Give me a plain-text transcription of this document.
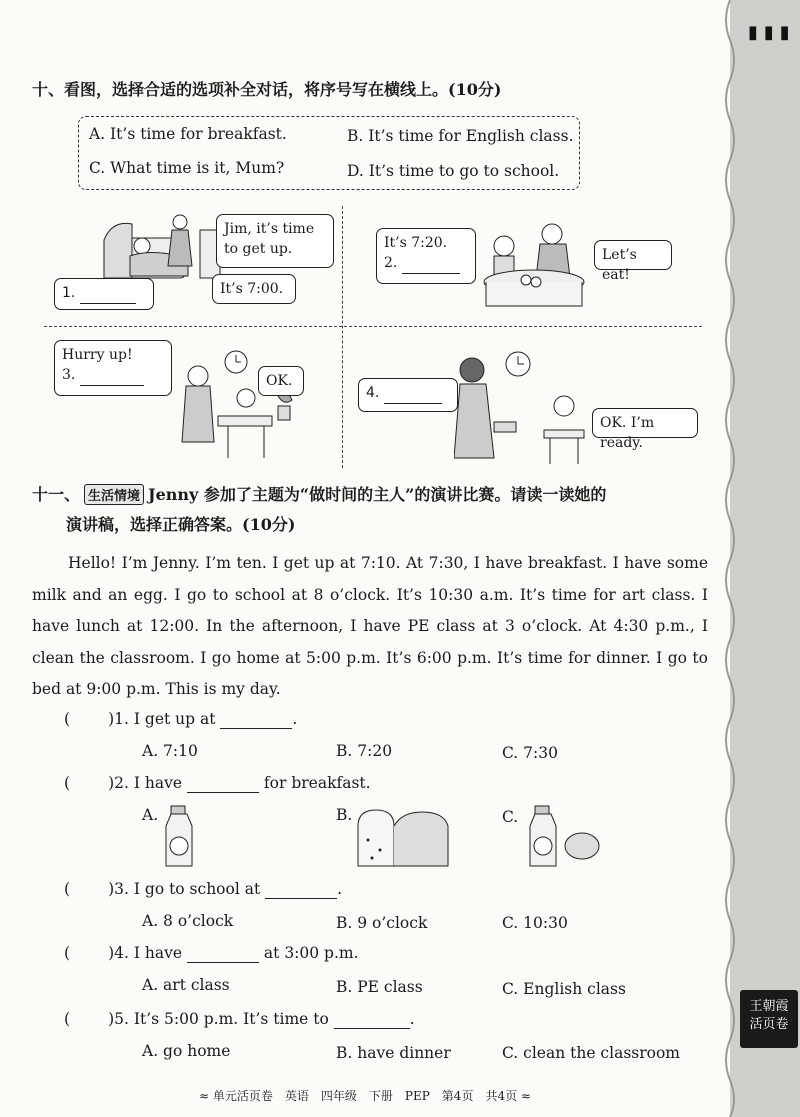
十、看图，选择合适的选项补全对话，将序号写在横线上。(10分)
A. It’s time for breakfast.	B. It’s time for English class.
C. What time is it, Mum?	D. It’s time to go to school.
Jim, it’s time to get up.
1.	It’s 7:00.
It’s 7:20.
2.	Let’s eat!
Hurry up!
3.	OK.
4.
OK. I’m ready.
十一、 生活情境 Jenny 参加了主题为“做时间的主人”的演讲比赛。请读一读她的
演讲稿，选择正确答案。(10分)
Hello! I’m Jenny. I’m ten. I get up at 7:10. At 7:30, I have breakfast. I have some milk and an egg. I go to school at 8 o’clock. It’s 10:30 a.m. It’s time for art class. I have lunch at 12:00. In the afternoon, I have PE class at 3 o’clock. At 4:30 p.m., I clean the classroom. I go home at 5:00 p.m. It’s 6:00 p.m. It’s time for dinner. I go to bed at 9:00 p.m. This is my day.
( )1. I get up at	.
A. 7:10	B. 7:20	C. 7:30
( )2. I have	for breakfast.
A.	B.	C.
( )3. I go to school at	.
A. 8 o’clock	B. 9 o’clock	C. 10:30
( )4. I have	at 3:00 p.m.
A. art class	B. PE class	C. English class
( )5. It’s 5:00 p.m. It’s time to	.
A. go home	B. have dinner	C. clean the classroom
≈ 单元活页卷　英语　四年级　下册　PEP　第4页　共4页 ≈
▮▮▮
王朝霞
活页卷
